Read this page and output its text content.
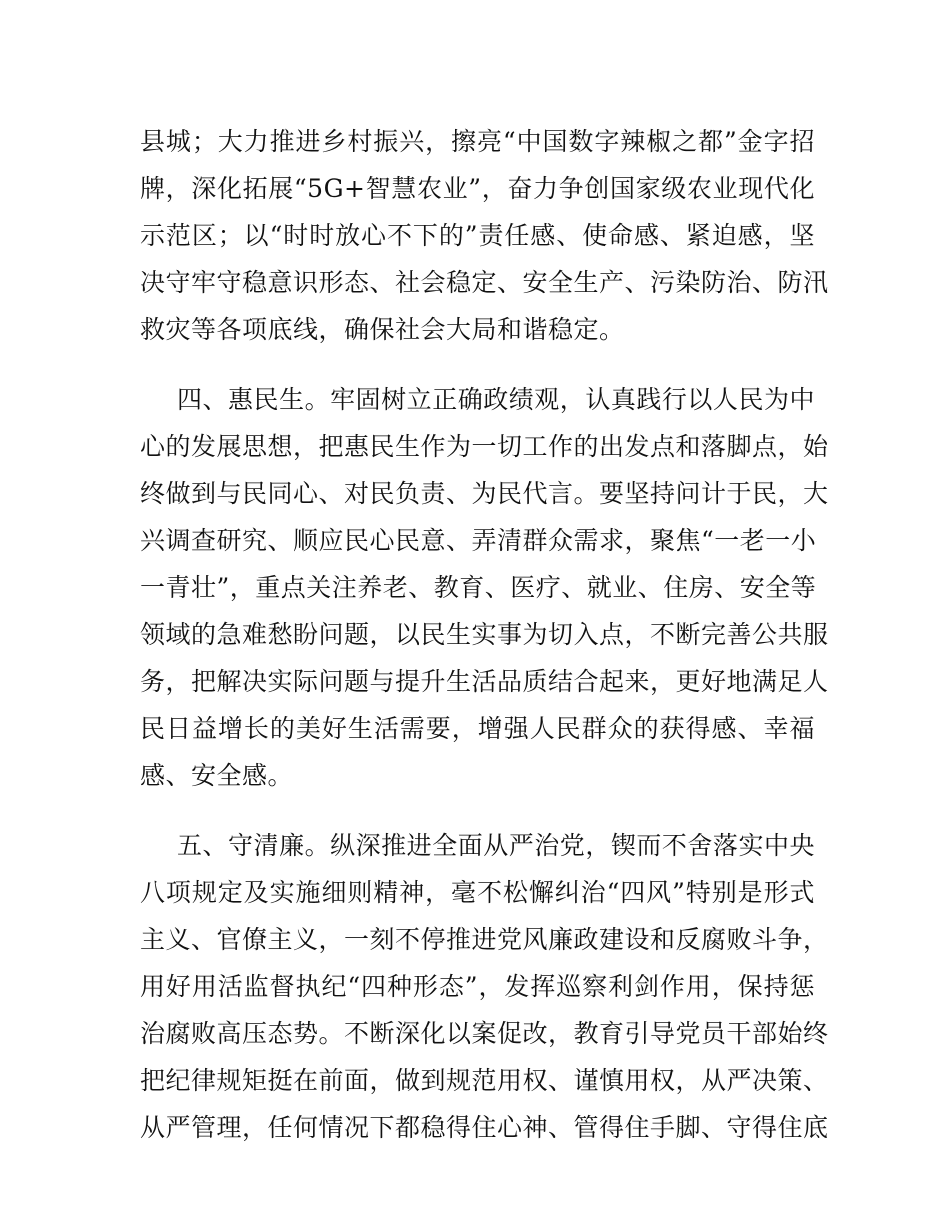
县城；大力推进乡村振兴，擦亮“中国数字辣椒之都”金字招
牌，深化拓展“5G+智慧农业”，奋力争创国家级农业现代化
示范区；以“时时放心不下的”责任感、使命感、紧迫感，坚
决守牢守稳意识形态、社会稳定、安全生产、污染防治、防汛
救灾等各项底线，确保社会大局和谐稳定。
四、惠民生。牢固树立正确政绩观，认真践行以人民为中
心的发展思想，把惠民生作为一切工作的出发点和落脚点，始
终做到与民同心、对民负责、为民代言。要坚持问计于民，大
兴调查研究、顺应民心民意、弄清群众需求，聚焦“一老一小
一青壮”，重点关注养老、教育、医疗、就业、住房、安全等
领域的急难愁盼问题，以民生实事为切入点，不断完善公共服
务，把解决实际问题与提升生活品质结合起来，更好地满足人
民日益增长的美好生活需要，增强人民群众的获得感、幸福
感、安全感。
五、守清廉。纵深推进全面从严治党，锲而不舍落实中央
八项规定及实施细则精神，毫不松懈纠治“四风”特别是形式
主义、官僚主义，一刻不停推进党风廉政建设和反腐败斗争，
用好用活监督执纪“四种形态”，发挥巡察利剑作用，保持惩
治腐败高压态势。不断深化以案促改，教育引导党员干部始终
把纪律规矩挺在前面，做到规范用权、谨慎用权，从严决策、
从严管理，任何情况下都稳得住心神、管得住手脚、守得住底
